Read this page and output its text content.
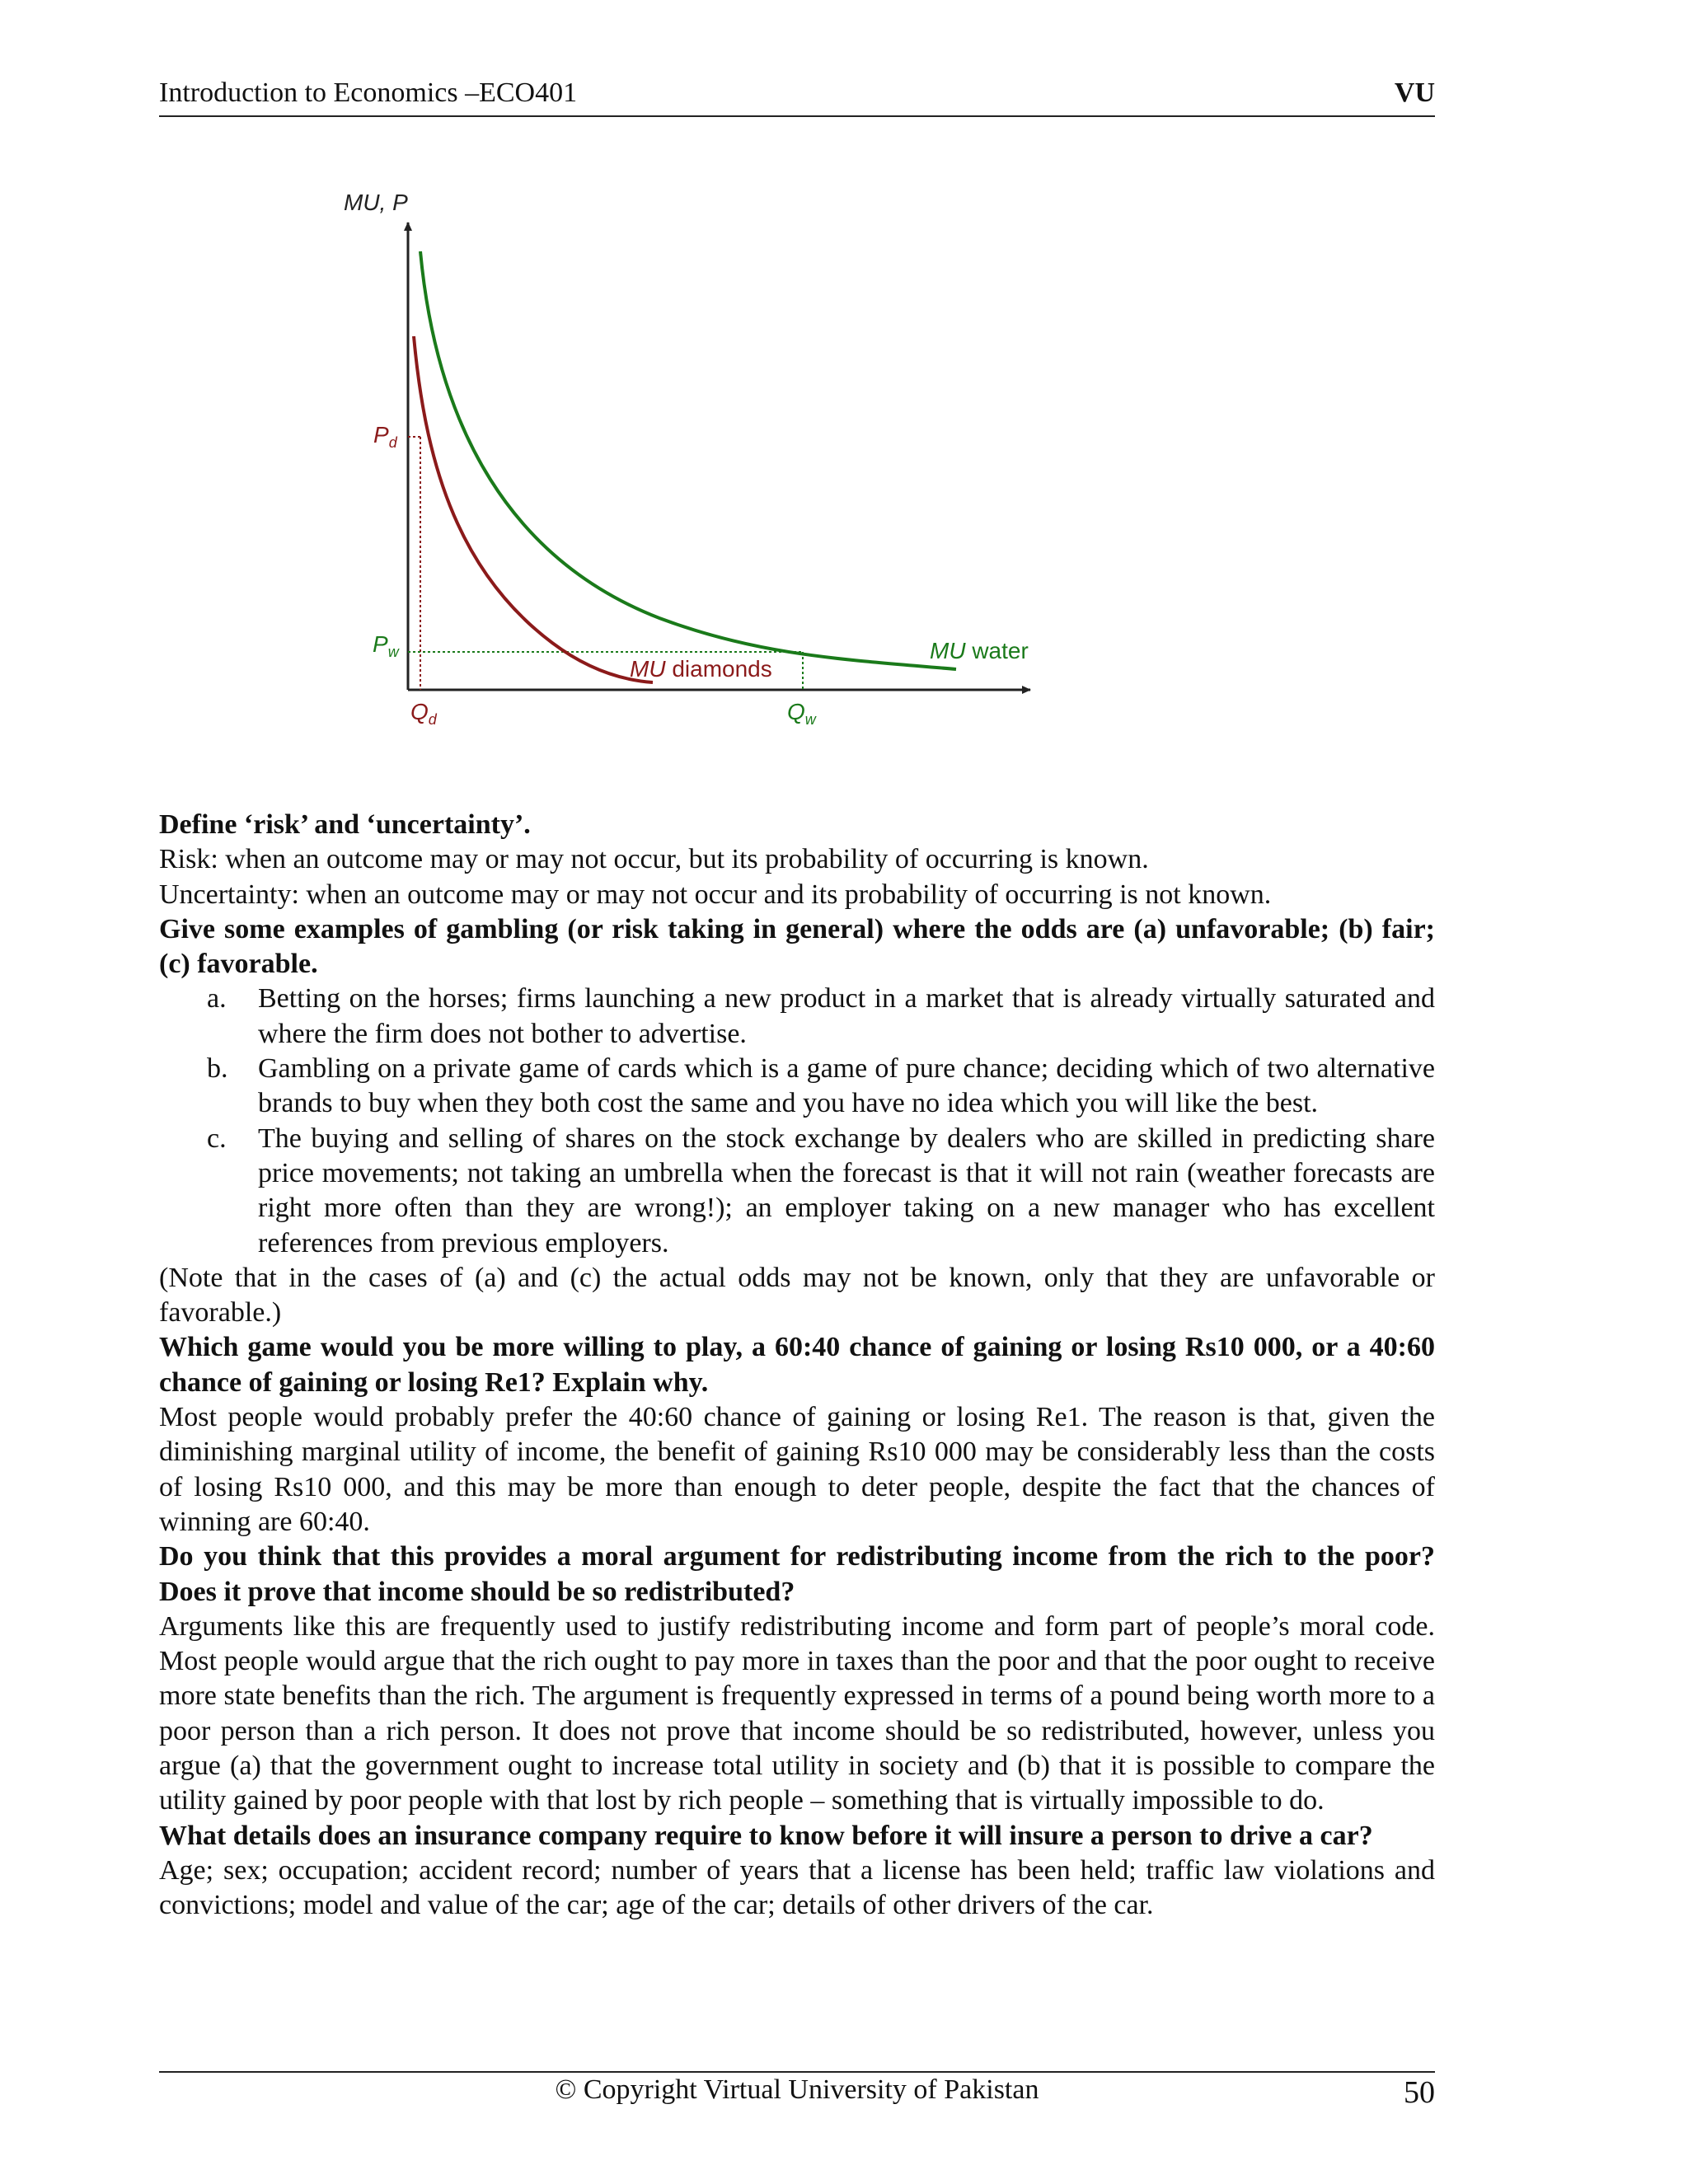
Introduction to Economics –ECO401	VU
MU, P
$P_d$
$P_w$
$Q_d$	$Q_w$
MU water
MU diamonds

Define ‘risk’ and ‘uncertainty’.

Risk: when an outcome may or may not occur, but its probability of occurring is known.

Uncertainty: when an outcome may or may not occur and its probability of occurring is not known.

Give some examples of gambling (or risk taking in general) where the odds are (a) unfavorable; (b) fair; (c) favorable.

a. Betting on the horses; firms launching a new product in a market that is already virtually saturated and where the firm does not bother to advertise.
b. Gambling on a private game of cards which is a game of pure chance; deciding which of two alternative brands to buy when they both cost the same and you have no idea which you will like the best.
c. The buying and selling of shares on the stock exchange by dealers who are skilled in predicting share price movements; not taking an umbrella when the forecast is that it will not rain (weather forecasts are right more often than they are wrong!); an employer taking on a new manager who has excellent references from previous employers.

(Note that in the cases of (a) and (c) the actual odds may not be known, only that they are unfavorable or favorable.)

Which game would you be more willing to play, a 60:40 chance of gaining or losing Rs10 000, or a 40:60 chance of gaining or losing Re1? Explain why.

Most people would probably prefer the 40:60 chance of gaining or losing Re1. The reason is that, given the diminishing marginal utility of income, the benefit of gaining Rs10 000 may be considerably less than the costs of losing Rs10 000, and this may be more than enough to deter people, despite the fact that the chances of winning are 60:40.

Do you think that this provides a moral argument for redistributing income from the rich to the poor? Does it prove that income should be so redistributed?

Arguments like this are frequently used to justify redistributing income and form part of people’s moral code. Most people would argue that the rich ought to pay more in taxes than the poor and that the poor ought to receive more state benefits than the rich. The argument is frequently expressed in terms of a pound being worth more to a poor person than a rich person. It does not prove that income should be so redistributed, however, unless you argue (a) that the government ought to increase total utility in society and (b) that it is possible to compare the utility gained by poor people with that lost by rich people – something that is virtually impossible to do.

What details does an insurance company require to know before it will insure a person to drive a car?

Age; sex; occupation; accident record; number of years that a license has been held; traffic law violations and convictions; model and value of the car; age of the car; details of other drivers of the car.

© Copyright Virtual University of Pakistan	50
